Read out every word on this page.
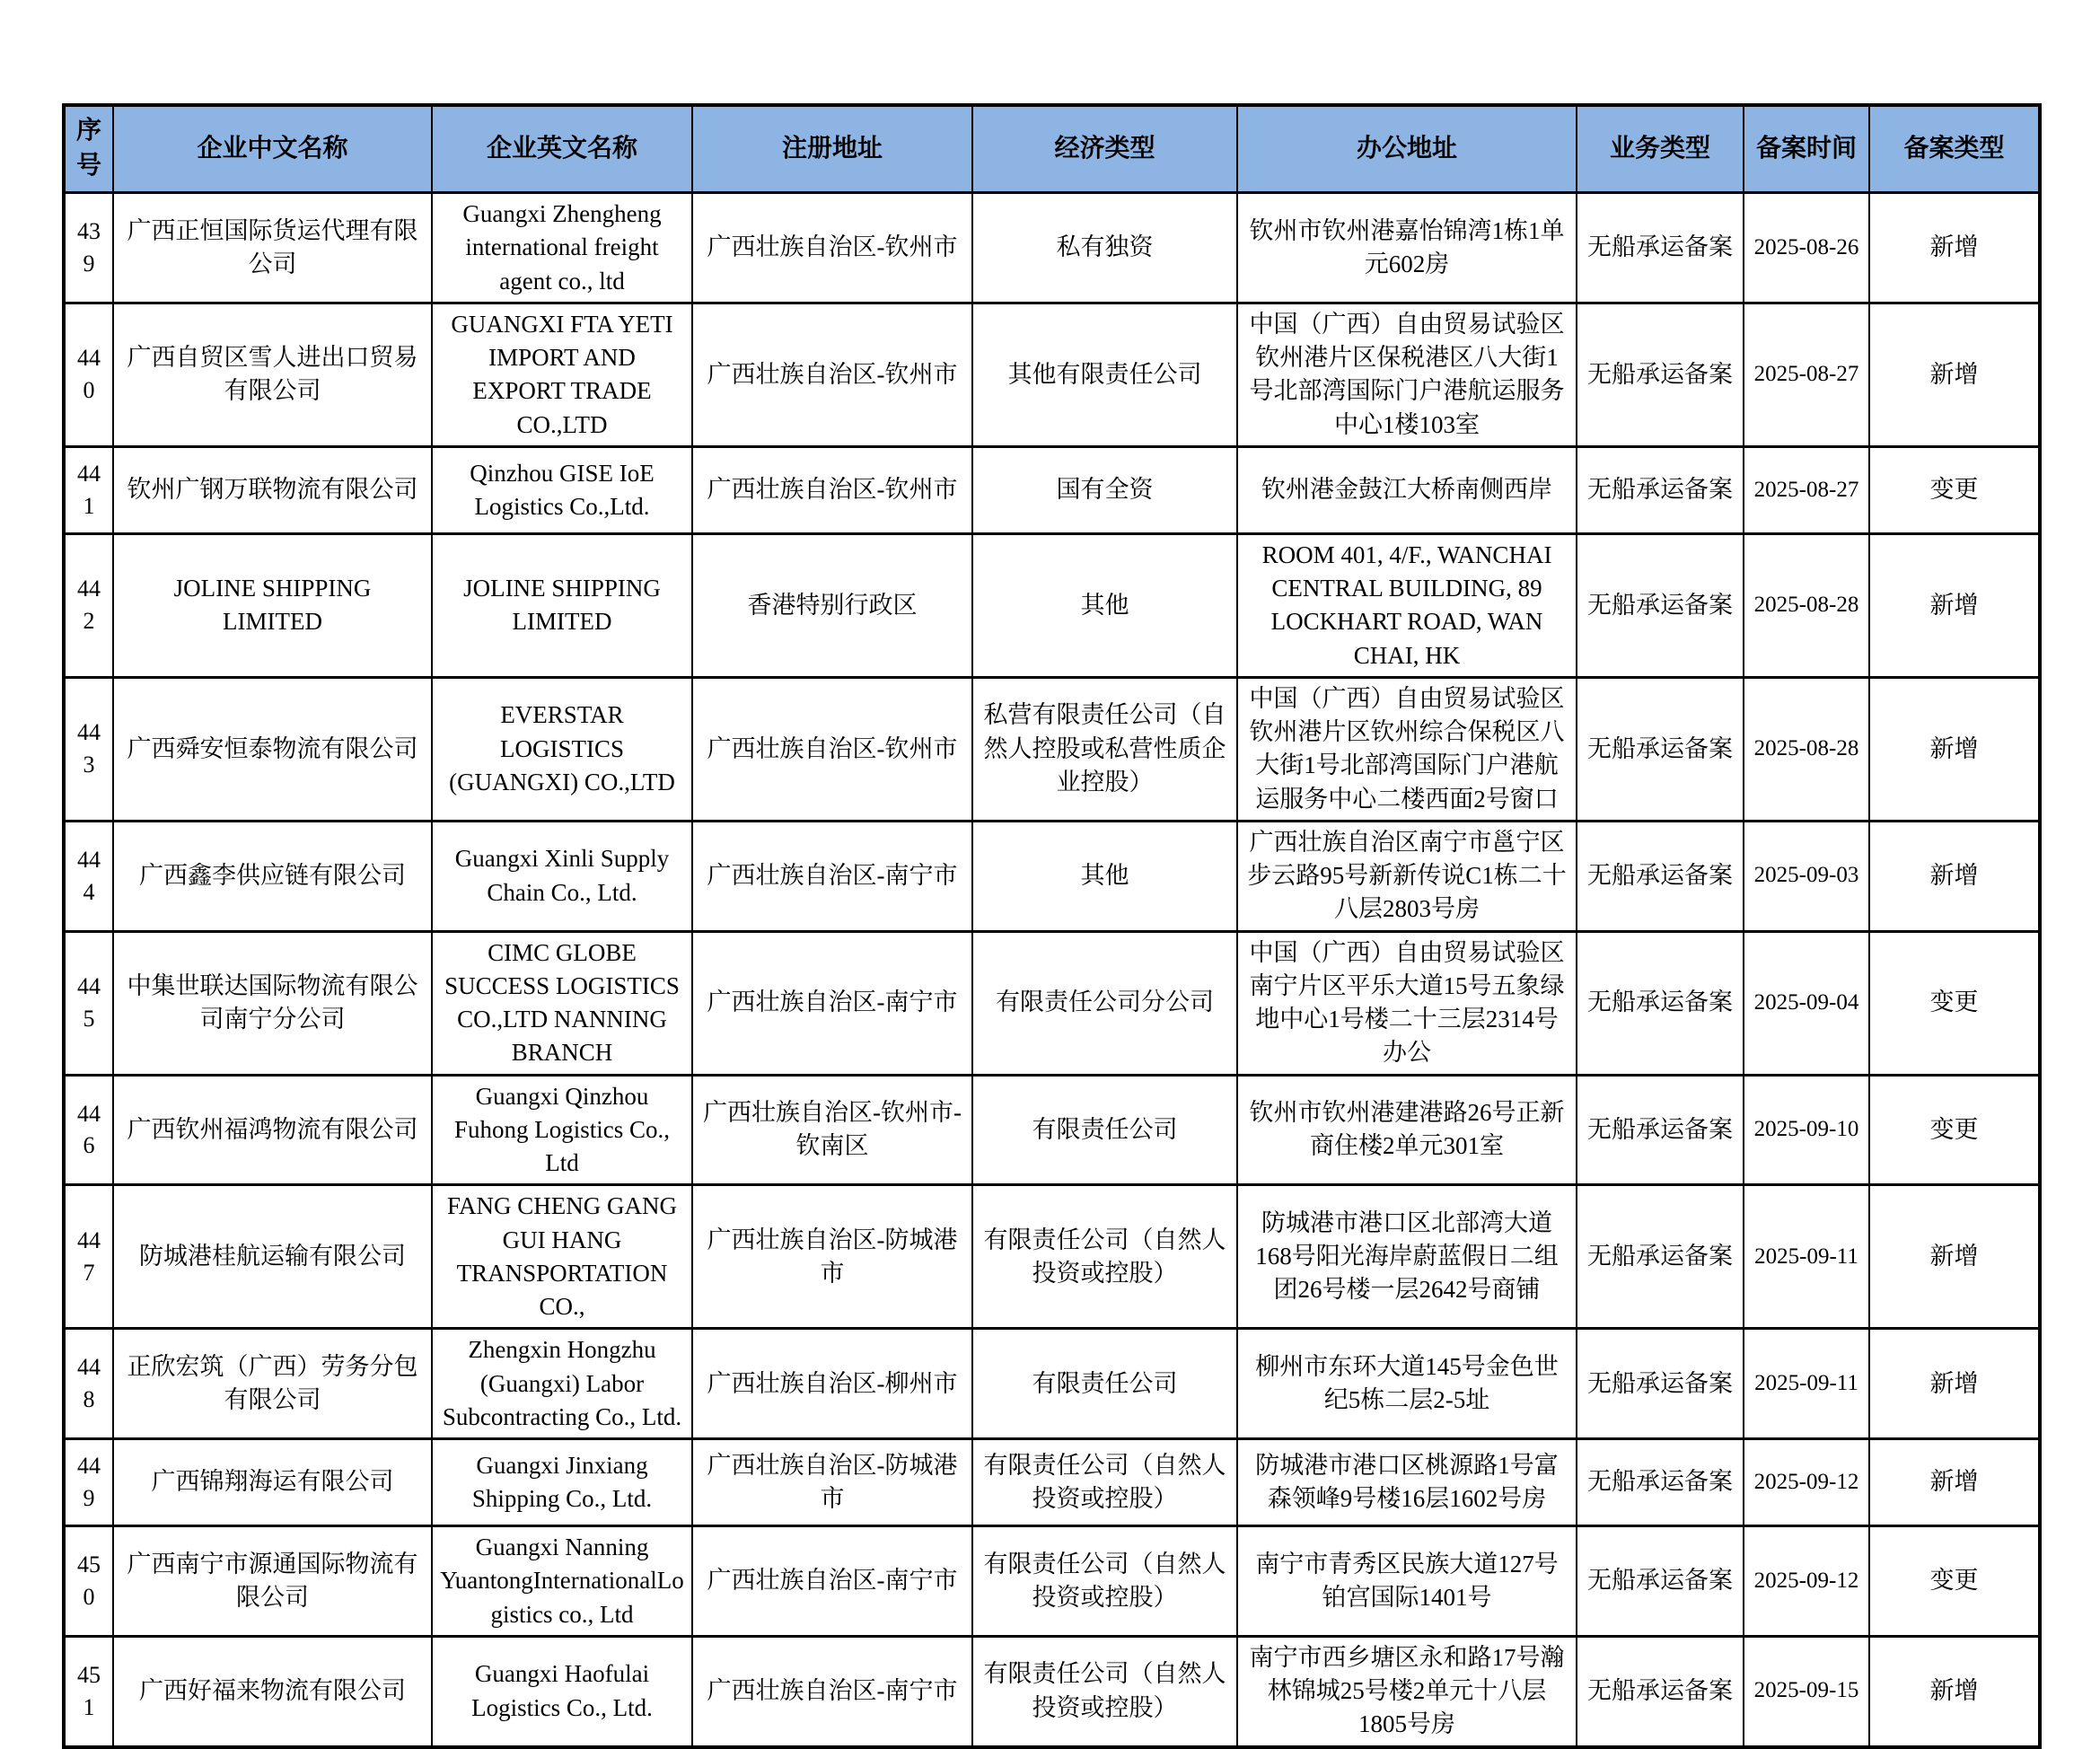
序号	企业中文名称	企业英文名称	注册地址	经济类型	办公地址	业务类型	备案时间	备案类型
439	广西正恒国际货运代理有限公司	Guangxi Zhengheng international freight agent co., ltd	广西壮族自治区-钦州市	私有独资	钦州市钦州港嘉怡锦湾1栋1单元602房	无船承运备案	2025-08-26	新增
440	广西自贸区雪人进出口贸易有限公司	GUANGXI FTA YETI IMPORT AND EXPORT TRADE CO.,LTD	广西壮族自治区-钦州市	其他有限责任公司	中国（广西）自由贸易试验区钦州港片区保税港区八大街1号北部湾国际门户港航运服务中心1楼103室	无船承运备案	2025-08-27	新增
441	钦州广钢万联物流有限公司	Qinzhou GISE IoE Logistics Co.,Ltd.	广西壮族自治区-钦州市	国有全资	钦州港金鼓江大桥南侧西岸	无船承运备案	2025-08-27	变更
442	JOLINE SHIPPING LIMITED	JOLINE SHIPPING LIMITED	香港特别行政区	其他	ROOM 401, 4/F., WANCHAI CENTRAL BUILDING, 89 LOCKHART ROAD, WAN CHAI, HK	无船承运备案	2025-08-28	新增
443	广西舜安恒泰物流有限公司	EVERSTAR LOGISTICS (GUANGXI) CO.,LTD	广西壮族自治区-钦州市	私营有限责任公司（自然人控股或私营性质企业控股）	中国（广西）自由贸易试验区钦州港片区钦州综合保税区八大街1号北部湾国际门户港航运服务中心二楼西面2号窗口	无船承运备案	2025-08-28	新增
444	广西鑫李供应链有限公司	Guangxi Xinli Supply Chain Co., Ltd.	广西壮族自治区-南宁市	其他	广西壮族自治区南宁市邕宁区步云路95号新新传说C1栋二十八层2803号房	无船承运备案	2025-09-03	新增
445	中集世联达国际物流有限公司南宁分公司	CIMC GLOBE SUCCESS LOGISTICS CO.,LTD NANNING BRANCH	广西壮族自治区-南宁市	有限责任公司分公司	中国（广西）自由贸易试验区南宁片区平乐大道15号五象绿地中心1号楼二十三层2314号办公	无船承运备案	2025-09-04	变更
446	广西钦州福鸿物流有限公司	Guangxi Qinzhou Fuhong Logistics Co., Ltd	广西壮族自治区-钦州市-钦南区	有限责任公司	钦州市钦州港建港路26号正新商住楼2单元301室	无船承运备案	2025-09-10	变更
447	防城港桂航运输有限公司	FANG CHENG GANG GUI HANG TRANSPORTATION CO.,	广西壮族自治区-防城港市	有限责任公司（自然人投资或控股）	防城港市港口区北部湾大道168号阳光海岸蔚蓝假日二组团26号楼一层2642号商铺	无船承运备案	2025-09-11	新增
448	正欣宏筑（广西）劳务分包有限公司	Zhengxin Hongzhu (Guangxi) Labor Subcontracting Co., Ltd.	广西壮族自治区-柳州市	有限责任公司	柳州市东环大道145号金色世纪5栋二层2-5址	无船承运备案	2025-09-11	新增
449	广西锦翔海运有限公司	Guangxi Jinxiang Shipping Co., Ltd.	广西壮族自治区-防城港市	有限责任公司（自然人投资或控股）	防城港市港口区桃源路1号富森领峰9号楼16层1602号房	无船承运备案	2025-09-12	新增
450	广西南宁市源通国际物流有限公司	Guangxi Nanning YuantongInternationalLogistics co., Ltd	广西壮族自治区-南宁市	有限责任公司（自然人投资或控股）	南宁市青秀区民族大道127号铂宫国际1401号	无船承运备案	2025-09-12	变更
451	广西好福来物流有限公司	Guangxi Haofulai Logistics Co., Ltd.	广西壮族自治区-南宁市	有限责任公司（自然人投资或控股）	南宁市西乡塘区永和路17号瀚林锦城25号楼2单元十八层1805号房	无船承运备案	2025-09-15	新增
